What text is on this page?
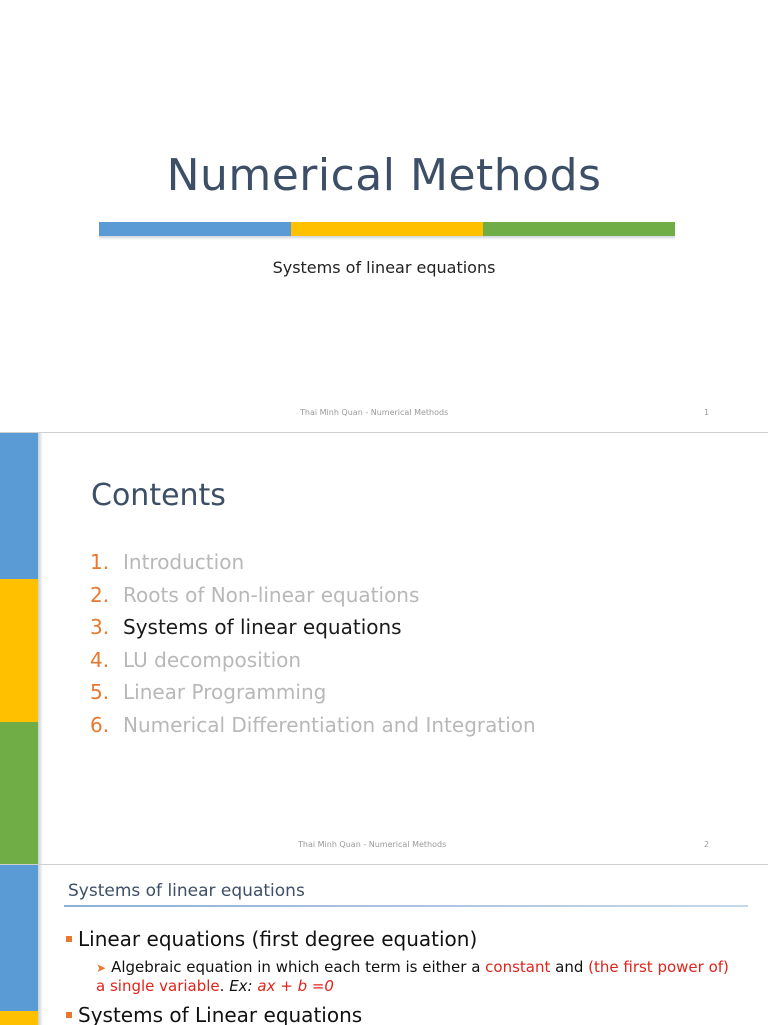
Numerical Methods
Systems of linear equations
Thai Minh Quan - Numerical Methods	1
Contents
1. Introduction
2. Roots of Non-linear equations
3. Systems of linear equations
4. LU decomposition
5. Linear Programming
6. Numerical Differentiation and Integration
Thai Minh Quan - Numerical Methods	2
Systems of linear equations
Linear equations (first degree equation)
➤ Algebraic equation in which each term is either a constant and (the first power of) a single variable. Ex: ax + b =0
Systems of Linear equations
